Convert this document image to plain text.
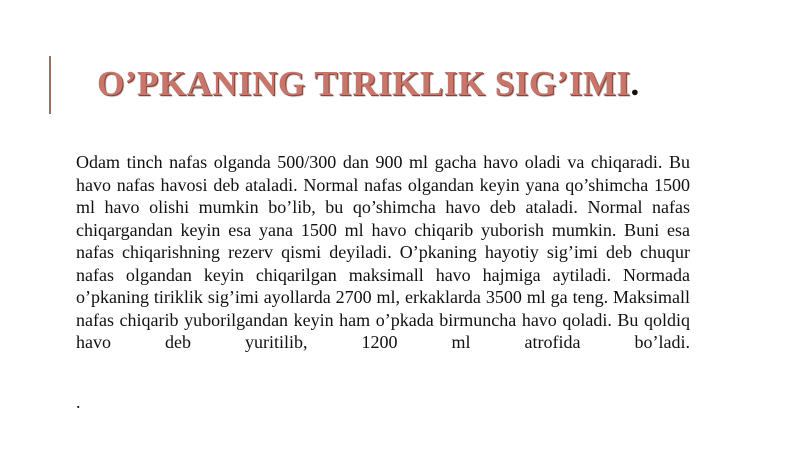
O’PKANING TIRIKLIK SIG’IMI.

Odam tinch nafas olganda 500/300 dan 900 ml gacha havo oladi va chiqaradi. Bu havo nafas havosi deb ataladi. Normal nafas olgandan keyin yana qo’shimcha 1500 ml havo olishi mumkin bo’lib, bu qo’shimcha havo deb ataladi. Normal nafas chiqargandan keyin esa yana 1500 ml havo chiqarib yuborish mumkin. Buni esa nafas chiqarishning rezerv qismi deyiladi. O’pkaning hayotiy sig’imi deb chuqur nafas olgandan keyin chiqarilgan maksimall havo hajmiga aytiladi. Normada o’pkaning tiriklik sig’imi ayollarda 2700 ml, erkaklarda 3500 ml ga teng. Maksimall nafas chiqarib yuborilgandan keyin ham o’pkada birmuncha havo qoladi. Bu qoldiq havo deb yuritilib, 1200 ml atrofida bo’ladi.

.
